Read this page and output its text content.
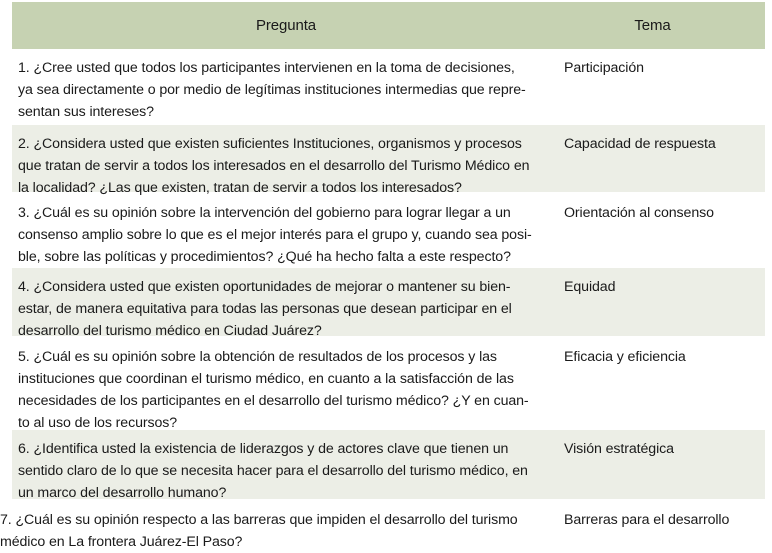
Pregunta	Tema
1. ¿Cree usted que todos los participantes intervienen en la toma de decisiones,
ya sea directamente o por medio de legítimas instituciones intermedias que repre-
sentan sus intereses?
Participación
2. ¿Considera usted que existen suficientes Instituciones, organismos y procesos
que tratan de servir a todos los interesados en el desarrollo del Turismo Médico en
la localidad? ¿Las que existen, tratan de servir a todos los interesados?
Capacidad de respuesta
3. ¿Cuál es su opinión sobre la intervención del gobierno para lograr llegar a un
consenso amplio sobre lo que es el mejor interés para el grupo y, cuando sea posi-
ble, sobre las políticas y procedimientos? ¿Qué ha hecho falta a este respecto?
Orientación al consenso
4. ¿Considera usted que existen oportunidades de mejorar o mantener su bien-
estar, de manera equitativa para todas las personas que desean participar en el
desarrollo del turismo médico en Ciudad Juárez?
Equidad
5. ¿Cuál es su opinión sobre la obtención de resultados de los procesos y las
instituciones que coordinan el turismo médico, en cuanto a la satisfacción de las
necesidades de los participantes en el desarrollo del turismo médico? ¿Y en cuan-
to al uso de los recursos?
Eficacia y eficiencia
6. ¿Identifica usted la existencia de liderazgos y de actores clave que tienen un
sentido claro de lo que se necesita hacer para el desarrollo del turismo médico, en
un marco del desarrollo humano?
Visión estratégica
7. ¿Cuál es su opinión respecto a las barreras que impiden el desarrollo del turismo
médico en La frontera Juárez-El Paso?
Barreras para el desarrollo
